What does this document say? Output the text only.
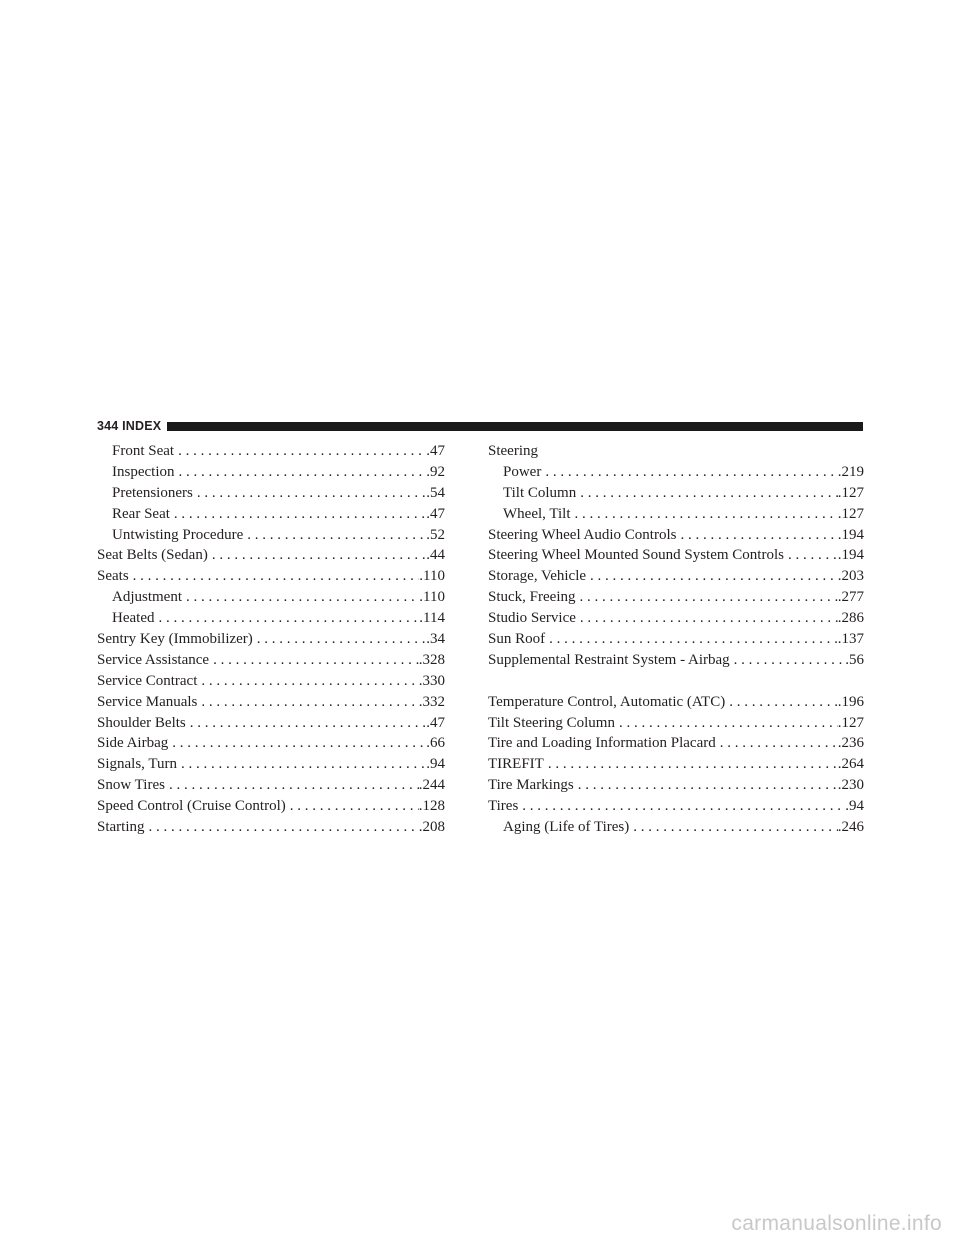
344 INDEX
Front Seat . . .	.47
Inspection . . .	.92
Pretensioners . . .	.54
Rear Seat . . .	.47
Untwisting Procedure . . .	.52
Seat Belts (Sedan) . . .	.44
Seats . . .	.110
Adjustment . . .	.110
Heated . . .	.114
Sentry Key (Immobilizer) . . .	.34
Service Assistance . . .	.328
Service Contract . . .	.330
Service Manuals . . .	.332
Shoulder Belts . . .	.47
Side Airbag . . .	.66
Signals, Turn . . .	.94
Snow Tires . . .	.244
Speed Control (Cruise Control) . . .	.128
Starting . . .	.208
Steering
Power . . .	.219
Tilt Column . . .	.127
Wheel, Tilt . . .	.127
Steering Wheel Audio Controls . . .	.194
Steering Wheel Mounted Sound System Controls . . .	.194
Storage, Vehicle . . .	.203
Stuck, Freeing . . .	.277
Studio Service . . .	.286
Sun Roof . . .	.137
Supplemental Restraint System - Airbag . . .	.56
Temperature Control, Automatic (ATC) . . .	.196
Tilt Steering Column . . .	.127
Tire and Loading Information Placard . . .	.236
TIREFIT . . .	.264
Tire Markings . . .	.230
Tires . . .	.94
Aging (Life of Tires) . . .	.246
carmanualsonline.info
